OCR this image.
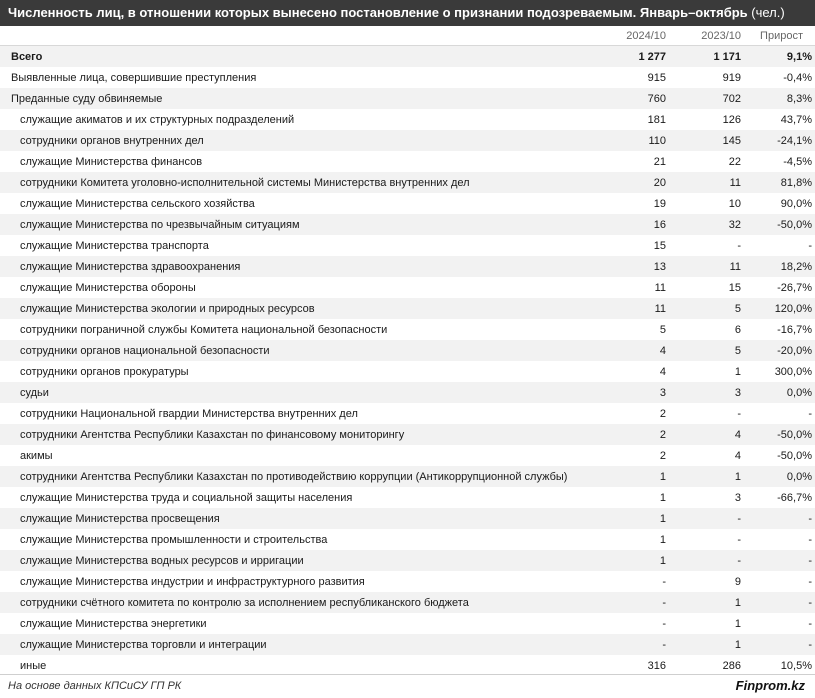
Численность лиц, в отношении которых вынесено постановление о признании подозреваемым. Январь–октябрь (чел.)
	2024/10	2023/10	Прирост
Всего	1 277	1 171	9,1%
Выявленные лица, совершившие преступления	915	919	-0,4%
Преданные суду обвиняемые	760	702	8,3%
служащие акиматов и их структурных подразделений	181	126	43,7%
сотрудники органов внутренних дел	110	145	-24,1%
служащие Министерства финансов	21	22	-4,5%
сотрудники Комитета уголовно-исполнительной системы Министерства внутренних дел	20	11	81,8%
служащие Министерства сельского хозяйства	19	10	90,0%
служащие Министерства по чрезвычайным ситуациям	16	32	-50,0%
служащие Министерства транспорта	15	-	-
служащие Министерства здравоохранения	13	11	18,2%
служащие Министерства обороны	11	15	-26,7%
служащие Министерства экологии и природных ресурсов	11	5	120,0%
сотрудники пограничной службы Комитета национальной безопасности	5	6	-16,7%
сотрудники органов национальной безопасности	4	5	-20,0%
сотрудники органов прокуратуры	4	1	300,0%
судьи	3	3	0,0%
сотрудники Национальной гвардии Министерства внутренних дел	2	-	-
сотрудники Агентства Республики Казахстан по финансовому мониторингу	2	4	-50,0%
акимы	2	4	-50,0%
сотрудники Агентства Республики Казахстан по противодействию коррупции (Антикоррупционной службы)	1	1	0,0%
служащие Министерства труда и социальной защиты населения	1	3	-66,7%
служащие Министерства просвещения	1	-	-
служащие Министерства промышленности и строительства	1	-	-
служащие Министерства водных ресурсов и ирригации	1	-	-
служащие Министерства индустрии и инфраструктурного развития	-	9	-
сотрудники счётного комитета по контролю за исполнением республиканского бюджета	-	1	-
служащие Министерства энергетики	-	1	-
служащие Министерства торговли и интеграции	-	1	-
иные	316	286	10,5%
На основе данных КПСиСУ ГП РК	Finprom.kz
